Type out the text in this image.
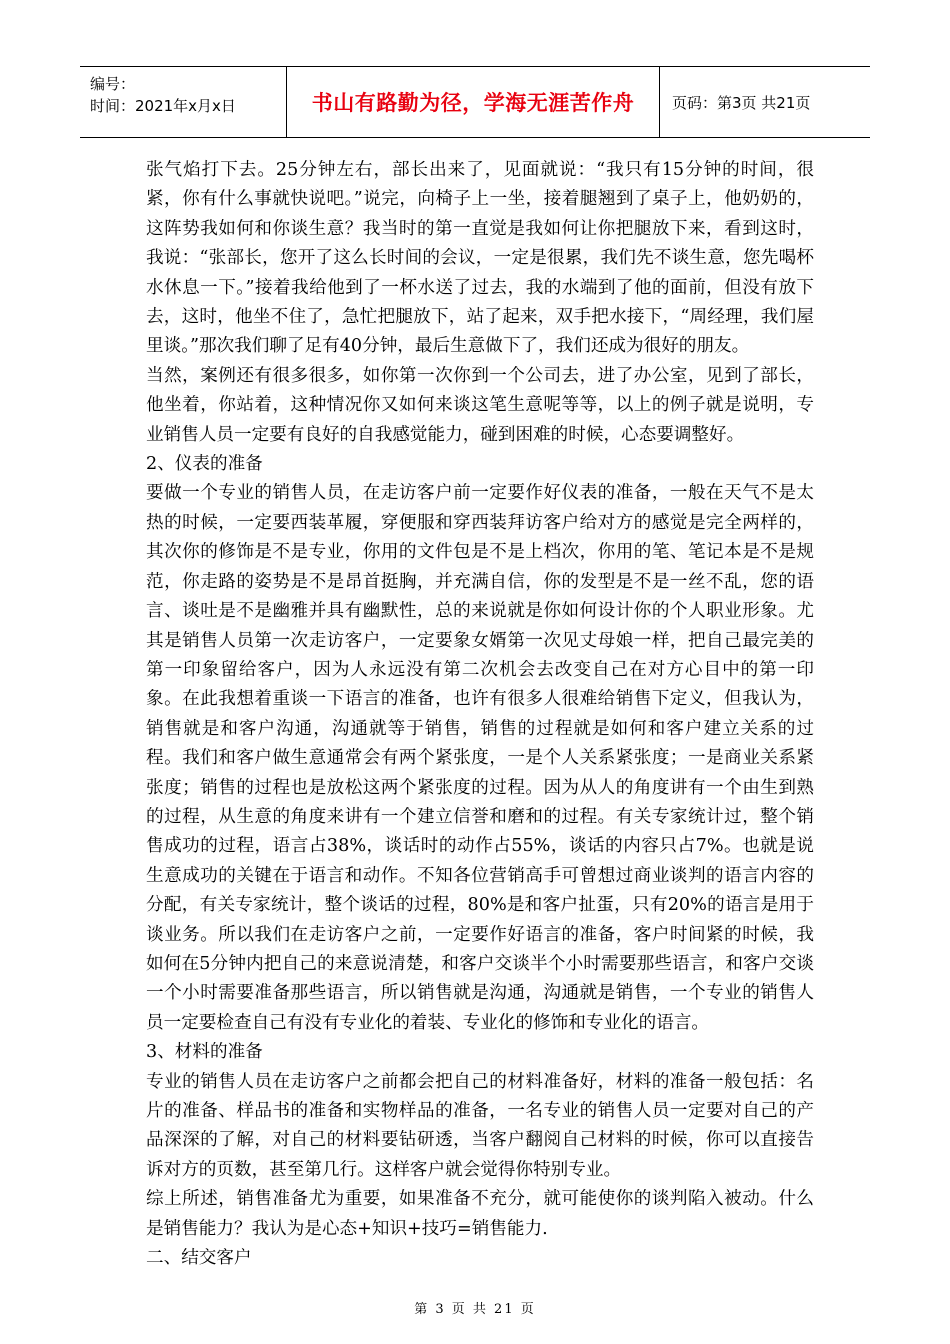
编号：
时间：2021年x月x日	书山有路勤为径，学海无涯苦作舟	页码：第3页 共21页

张气焰打下去。25分钟左右，部长出来了，见面就说：“我只有15分钟的时间，很紧，你有什么事就快说吧。”说完，向椅子上一坐，接着腿翘到了桌子上，他奶奶的，这阵势我如何和你谈生意？我当时的第一直觉是我如何让你把腿放下来，看到这时，我说：“张部长，您开了这么长时间的会议，一定是很累，我们先不谈生意，您先喝杯水休息一下。”接着我给他到了一杯水送了过去，我的水端到了他的面前，但没有放下去，这时，他坐不住了，急忙把腿放下，站了起来，双手把水接下，“周经理，我们屋里谈。”那次我们聊了足有40分钟，最后生意做下了，我们还成为很好的朋友。

当然，案例还有很多很多，如你第一次你到一个公司去，进了办公室，见到了部长，他坐着，你站着，这种情况你又如何来谈这笔生意呢等等，以上的例子就是说明，专业销售人员一定要有良好的自我感觉能力，碰到困难的时候，心态要调整好。

2、仪表的准备

要做一个专业的销售人员，在走访客户前一定要作好仪表的准备，一般在天气不是太热的时候，一定要西装革履，穿便服和穿西装拜访客户给对方的感觉是完全两样的，其次你的修饰是不是专业，你用的文件包是不是上档次，你用的笔、笔记本是不是规范，你走路的姿势是不是昂首挺胸，并充满自信，你的发型是不是一丝不乱，您的语言、谈吐是不是幽雅并具有幽默性，总的来说就是你如何设计你的个人职业形象。尤其是销售人员第一次走访客户，一定要象女婿第一次见丈母娘一样，把自己最完美的第一印象留给客户，因为人永远没有第二次机会去改变自己在对方心目中的第一印象。在此我想着重谈一下语言的准备，也许有很多人很难给销售下定义，但我认为，销售就是和客户沟通，沟通就等于销售，销售的过程就是如何和客户建立关系的过程。我们和客户做生意通常会有两个紧张度，一是个人关系紧张度；一是商业关系紧张度；销售的过程也是放松这两个紧张度的过程。因为从人的角度讲有一个由生到熟的过程，从生意的角度来讲有一个建立信誉和磨和的过程。有关专家统计过，整个销售成功的过程，语言占38%，谈话时的动作占55%，谈话的内容只占7%。也就是说生意成功的关键在于语言和动作。不知各位营销高手可曾想过商业谈判的语言内容的分配，有关专家统计，整个谈话的过程，80%是和客户扯蛋，只有20%的语言是用于谈业务。所以我们在走访客户之前，一定要作好语言的准备，客户时间紧的时候，我如何在5分钟内把自己的来意说清楚，和客户交谈半个小时需要那些语言，和客户交谈一个小时需要准备那些语言，所以销售就是沟通，沟通就是销售，一个专业的销售人员一定要检查自己有没有专业化的着装、专业化的修饰和专业化的语言。

3、材料的准备

专业的销售人员在走访客户之前都会把自己的材料准备好，材料的准备一般包括：名片的准备、样品书的准备和实物样品的准备，一名专业的销售人员一定要对自己的产品深深的了解，对自己的材料要钻研透，当客户翻阅自己材料的时候，你可以直接告诉对方的页数，甚至第几行。这样客户就会觉得你特别专业。

综上所述，销售准备尤为重要，如果准备不充分，就可能使你的谈判陷入被动。什么是销售能力？我认为是心态+知识+技巧=销售能力.

二、结交客户

第 3 页 共 21 页
